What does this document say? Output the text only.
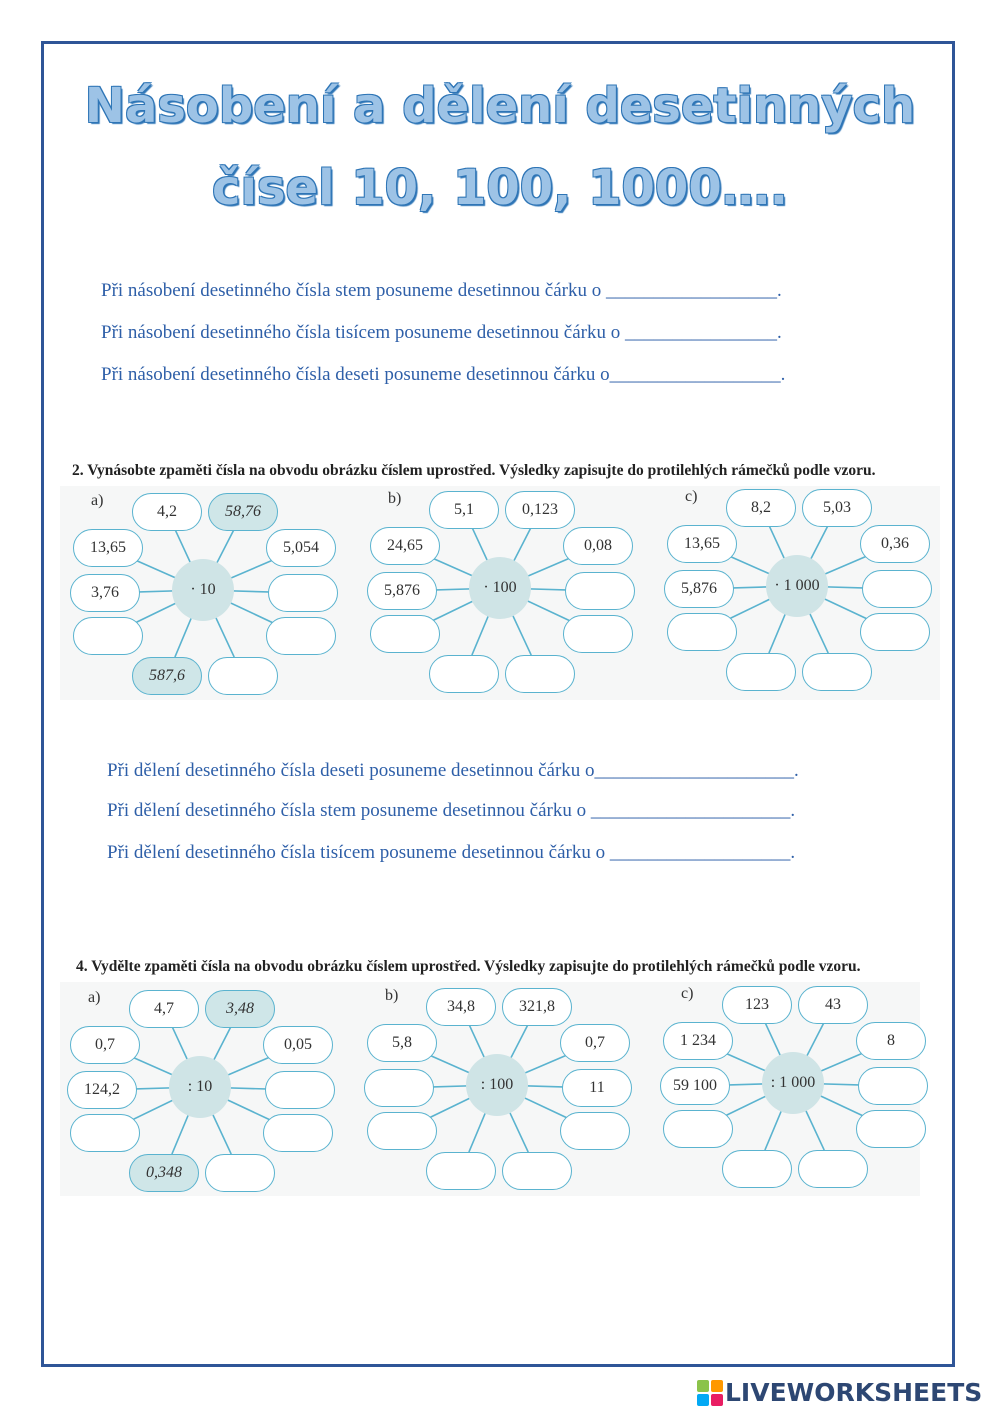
Násobení a dělení desetinných
čísel 10, 100, 1000….
Při násobení desetinného čísla stem posuneme desetinnou čárku o __________________.
Při násobení desetinného čísla tisícem posuneme desetinnou čárku o ________________.
Při násobení desetinného čísla deseti posuneme desetinnou čárku o__________________.
2. Vynásobte zpaměti čísla na obvodu obrázku číslem uprostřed. Výsledky zapisujte do protilehlých rámečků podle vzoru.
· 10
4,2	58,76
5,054
587,6
3,76
13,65
a)
· 100
5,1	0,123
0,08
5,876
24,65
b)
· 1 000
8,2	5,03
0,36
5,876
13,65
c)
Při dělení desetinného čísla deseti posuneme desetinnou čárku o_____________________.
Při dělení desetinného čísla stem posuneme desetinnou čárku o _____________________.
Při dělení desetinného čísla tisícem posuneme desetinnou čárku o ___________________.
4. Vydělte zpaměti čísla na obvodu obrázku číslem uprostřed. Výsledky zapisujte do protilehlých rámečků podle vzoru.
: 10
4,7	3,48
0,05
0,348
124,2
0,7
a)
: 100
34,8	321,8
0,7
11
5,8
b)
: 1 000
123	43
8
59 100
1 234
c)
LIVEWORKSHEETS
